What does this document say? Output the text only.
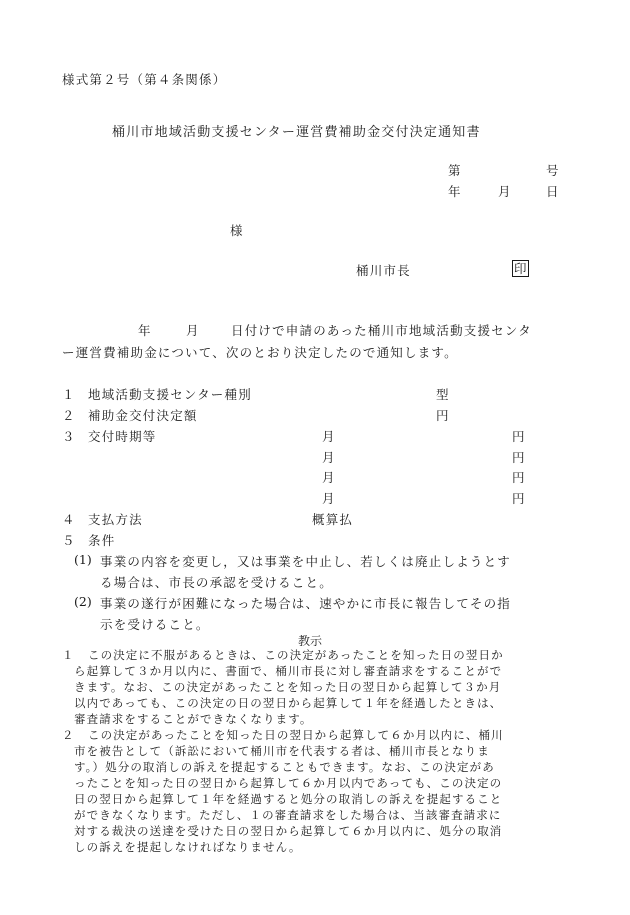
様式第２号（第４条関係）
桶川市地域活動支援センター運営費補助金交付決定通知書
第	号
年	月	日
様
桶川市長	印
年	月	日付けで申請のあった桶川市地域活動支援センタ
ー運営費補助金について、次のとおり決定したので通知します。
１ 地域活動支援センター種別	型
２ 補助金交付決定額	円
３ 交付時期等	月	円
月	円
月	円
月	円
４ 支払方法	概算払
５ 条件
(1) 事業の内容を変更し，又は事業を中止し、若しくは廃止しようとす
る場合は、市長の承認を受けること。
(2) 事業の遂行が困難になった場合は、速やかに市長に報告してその指
示を受けること。
教示
１ この決定に不服があるときは、この決定があったことを知った日の翌日か
ら起算して３か月以内に、書面で、桶川市長に対し審査請求をすることがで
きます。なお、この決定があったことを知った日の翌日から起算して３か月
以内であっても、この決定の日の翌日から起算して１年を経過したときは、
審査請求をすることができなくなります。
２ この決定があったことを知った日の翌日から起算して６か月以内に、桶川
市を被告として（訴訟において桶川市を代表する者は、桶川市長となりま
す。）処分の取消しの訴えを提起することもできます。なお、この決定があ
ったことを知った日の翌日から起算して６か月以内であっても、この決定の
日の翌日から起算して１年を経過すると処分の取消しの訴えを提起すること
ができなくなります。ただし、１の審査請求をした場合は、当該審査請求に
対する裁決の送達を受けた日の翌日から起算して６か月以内に、処分の取消
しの訴えを提起しなければなりません。
